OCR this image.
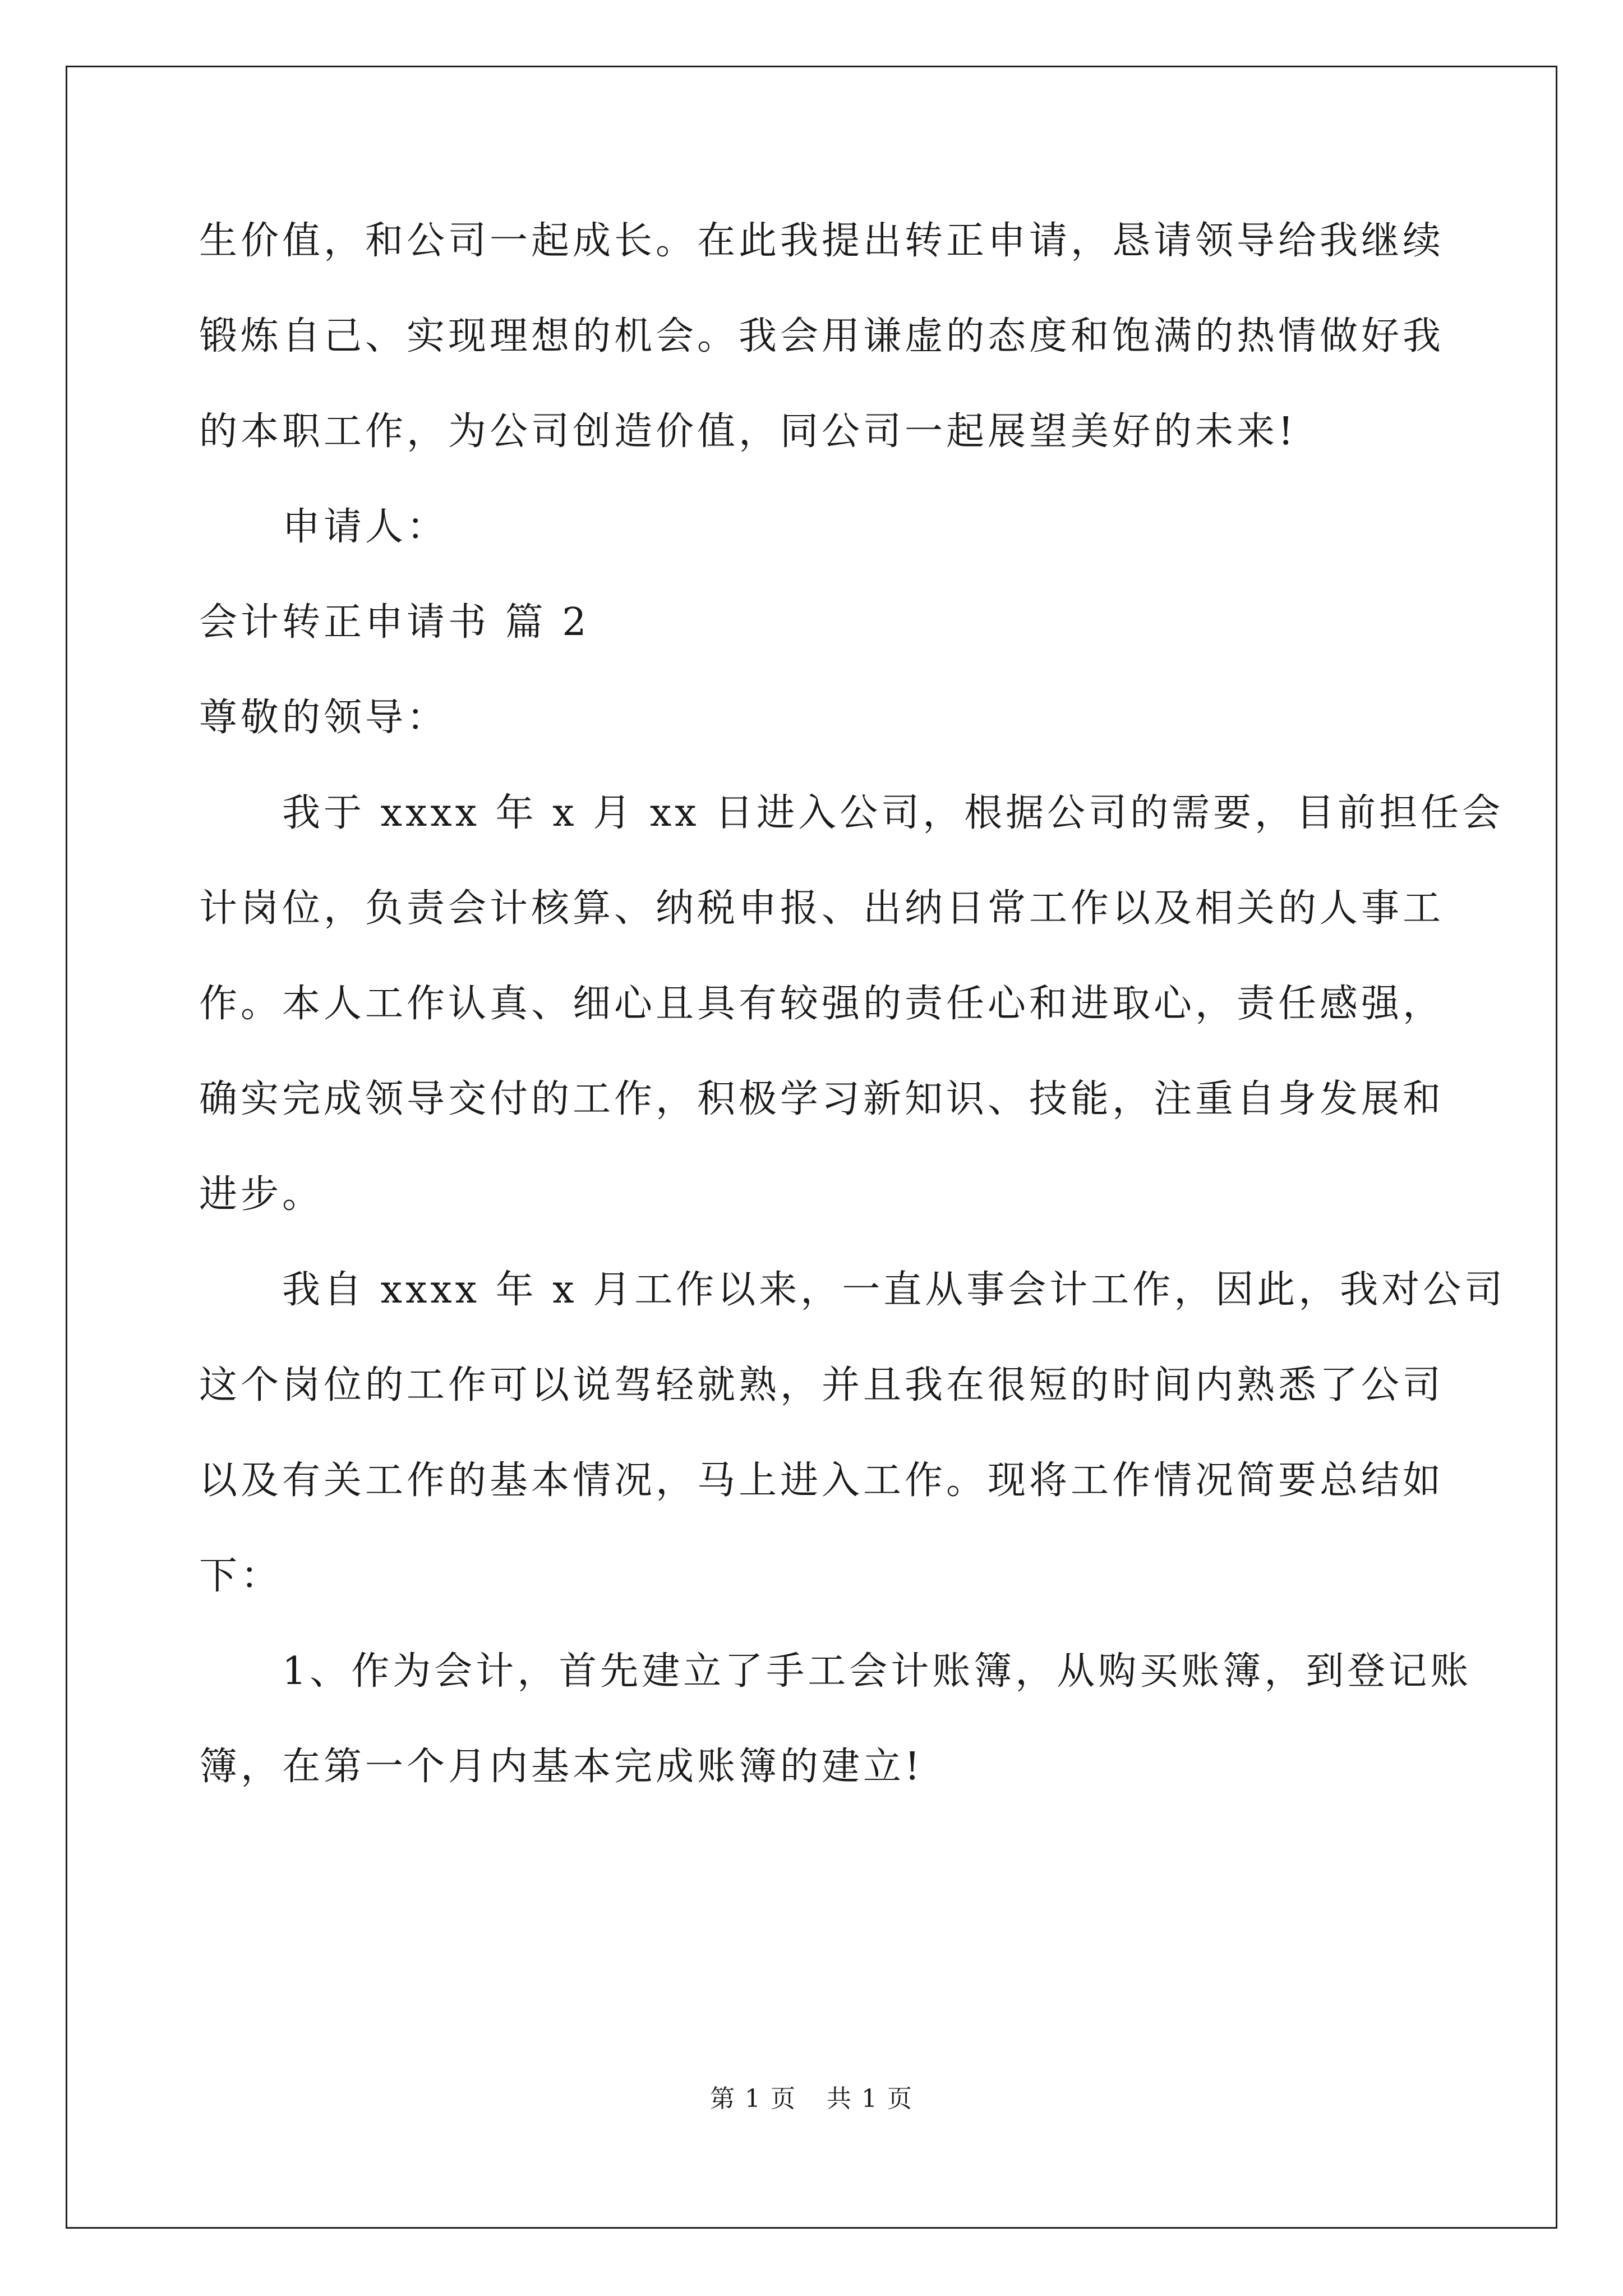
生价值，和公司一起成长。在此我提出转正申请，恳请领导给我继续
锻炼自己、实现理想的机会。我会用谦虚的态度和饱满的热情做好我
的本职工作，为公司创造价值，同公司一起展望美好的未来!
申请人：
会计转正申请书 篇 2
尊敬的领导：
我于 xxxx 年 x 月 xx 日进入公司，根据公司的需要，目前担任会
计岗位，负责会计核算、纳税申报、出纳日常工作以及相关的人事工
作。本人工作认真、细心且具有较强的责任心和进取心，责任感强，
确实完成领导交付的工作，积极学习新知识、技能，注重自身发展和
进步。
我自 xxxx 年 x 月工作以来，一直从事会计工作，因此，我对公司
这个岗位的工作可以说驾轻就熟，并且我在很短的时间内熟悉了公司
以及有关工作的基本情况，马上进入工作。现将工作情况简要总结如
下：
1、作为会计，首先建立了手工会计账簿，从购买账簿，到登记账
簿，在第一个月内基本完成账簿的建立!
第 1 页 共 1 页
